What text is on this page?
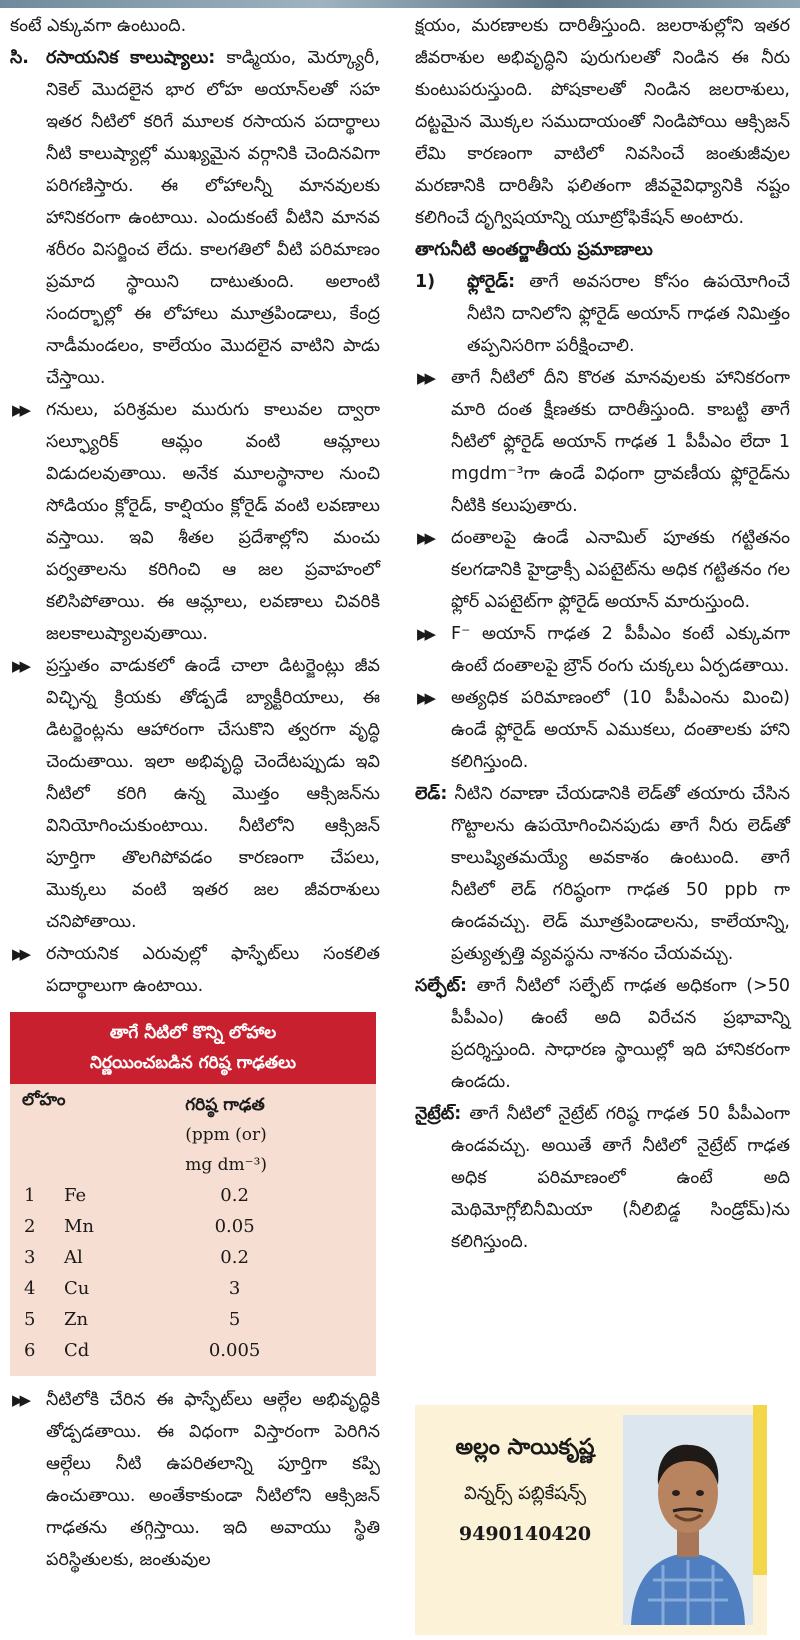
కంటే ఎక్కువగా ఉంటుంది.

సి. రసాయనిక కాలుష్యాలు: కాడ్మియం, మెర్క్యూరీ, నికెల్ మొదలైన భార లోహ అయాన్‌లతో సహ ఇతర నీటిలో కరిగే మూలక రసాయన పదార్థాలు నీటి కాలుష్యాల్లో ముఖ్యమైన వర్గానికి చెందినవిగా పరిగణిస్తారు. ఈ లోహాలన్నీ మానవులకు హానికరంగా ఉంటాయి. ఎందుకంటే వీటిని మానవ శరీరం విసర్జించ లేదు. కాలగతిలో వీటి పరిమాణం ప్రమాద స్థాయిని దాటుతుంది. అలాంటి సందర్భాల్లో ఈ లోహాలు మూత్రపిండాలు, కేంద్ర నాడీమండలం, కాలేయం మొదలైన వాటిని పాడు చేస్తాయి.
▶▶ గనులు, పరిశ్రమల మురుగు కాలువల ద్వారా సల్ఫ్యూరిక్ ఆమ్లం వంటి ఆమ్లాలు విడుదలవుతాయి. అనేక మూలస్థానాల నుంచి సోడియం క్లోరైడ్, కాల్షియం క్లోరైడ్ వంటి లవణాలు వస్తాయి. ఇవి శీతల ప్రదేశాల్లోని మంచు పర్వతాలను కరిగించి ఆ జల ప్రవాహంలో కలిసిపోతాయి. ఈ ఆమ్లాలు, లవణాలు చివరికి జలకాలుష్యాలవుతాయి.
▶▶ ప్రస్తుతం వాడుకలో ఉండే చాలా డిటర్జెంట్లు జీవ విచ్ఛిన్న క్రియకు తోడ్పడే బ్యాక్టీరియాలు, ఈ డిటర్జెంట్లను ఆహారంగా చేసుకొని త్వరగా వృద్ధి చెందుతాయి. ఇలా అభివృద్ధి చెందేటప్పుడు ఇవి నీటిలో కరిగి ఉన్న మొత్తం ఆక్సిజన్‌ను వినియోగించుకుంటాయి. నీటిలోని ఆక్సిజన్ పూర్తిగా తొలగిపోవడం కారణంగా చేపలు, మొక్కలు వంటి ఇతర జల జీవరాశులు చనిపోతాయి.
▶▶ రసాయనిక ఎరువుల్లో ఫాస్ఫేట్‌లు సంకలిత పదార్థాలుగా ఉంటాయి.
తాగే నీటిలో కొన్ని లోహాల
నిర్ణయించబడిన గరిష్ఠ గాఢతలు
లోహం		గరిష్ఠ గాఢత
(ppm (or)
mg dm⁻³)

1	Fe	0.2
2	Mn	0.05
3	Al	0.2
4	Cu	3
5	Zn	5
6	Cd	0.005
▶▶ నీటిలోకి చేరిన ఈ ఫాస్ఫేట్‌లు ఆల్గేల అభివృద్ధికి తోడ్పడతాయి. ఈ విధంగా విస్తారంగా పెరిగిన ఆల్గేలు నీటి ఉపరితలాన్ని పూర్తిగా కప్పి ఉంచుతాయి. అంతేకాకుండా నీటిలోని ఆక్సిజన్ గాఢతను తగ్గిస్తాయి. ఇది అవాయు స్థితి పరిస్థితులకు, జంతువుల

క్షయం, మరణాలకు దారితీస్తుంది. జలరాశుల్లోని ఇతర జీవరాశుల అభివృద్ధిని పురుగులతో నిండిన ఈ నీరు కుంటుపరుస్తుంది. పోషకాలతో నిండిన జలరాశులు, దట్టమైన మొక్కల సముదాయంతో నిండిపోయి ఆక్సిజన్ లేమి కారణంగా వాటిలో నివసించే జంతుజీవుల మరణానికి దారితీసి ఫలితంగా జీవవైవిధ్యానికి నష్టం కలిగించే దృగ్విషయాన్ని యూట్రోఫికేషన్ అంటారు.

తాగునీటి అంతర్జాతీయ ప్రమాణాలు
1) ఫ్లోరైడ్: తాగే అవసరాల కోసం ఉపయోగించే నీటిని దానిలోని ఫ్లోరైడ్ అయాన్ గాఢత నిమిత్తం తప్పనిసరిగా పరీక్షించాలి.
▶▶ తాగే నీటిలో దీని కొరత మానవులకు హానికరంగా మారి దంత క్షీణతకు దారితీస్తుంది. కాబట్టి తాగే నీటిలో ఫ్లోరైడ్ అయాన్ గాఢత 1 పీపీఎం లేదా 1 mgdm⁻³గా ఉండే విధంగా ద్రావణీయ ఫ్లోరైడ్‌ను నీటికి కలుపుతారు.
▶▶ దంతాలపై ఉండే ఎనామిల్ పూతకు గట్టితనం కలగడానికి హైడ్రాక్సీ ఎపటైట్‌ను అధిక గట్టితనం గల ఫ్లోర్ ఎపటైట్‌గా ఫ్లోరైడ్ అయాన్ మారుస్తుంది.
▶▶ F⁻ అయాన్ గాఢత 2 పీపీఎం కంటే ఎక్కువగా ఉంటే దంతాలపై బ్రౌన్ రంగు చుక్కలు ఏర్పడతాయి.
▶▶ అత్యధిక పరిమాణంలో (10 పీపీఎంను మించి) ఉండే ఫ్లోరైడ్ అయాన్ ఎముకలు, దంతాలకు హాని కలిగిస్తుంది.

లెడ్: నీటిని రవాణా చేయడానికి లెడ్‌తో తయారు చేసిన గొట్టాలను ఉపయోగించినపుడు తాగే నీరు లెడ్‌తో కాలుష్యితమయ్యే అవకాశం ఉంటుంది. తాగే నీటిలో లెడ్ గరిష్ఠంగా గాఢత 50 ppb గా ఉండవచ్చు. లెడ్ మూత్రపిండాలను, కాలేయాన్ని, ప్రత్యుత్పత్తి వ్యవస్థను నాశనం చేయవచ్చు.

సల్ఫేట్: తాగే నీటిలో సల్ఫేట్ గాఢత అధికంగా (>50 పీపీఎం) ఉంటే అది విరేచన ప్రభావాన్ని ప్రదర్శిస్తుంది. సాధారణ స్థాయిల్లో ఇది హానికరంగా ఉండదు.

నైట్రేట్: తాగే నీటిలో నైట్రేట్ గరిష్ఠ గాఢత 50 పీపీఎంగా ఉండవచ్చు. అయితే తాగే నీటిలో నైట్రేట్ గాఢత అధిక పరిమాణంలో ఉంటే అది మెథిమోగ్లోబినీమియా (నీలిబిడ్డ సిండ్రోమ్)ను కలిగిస్తుంది.

అల్లం సాయికృష్ణ
విన్నర్స్ పబ్లికేషన్స్
9490140420
